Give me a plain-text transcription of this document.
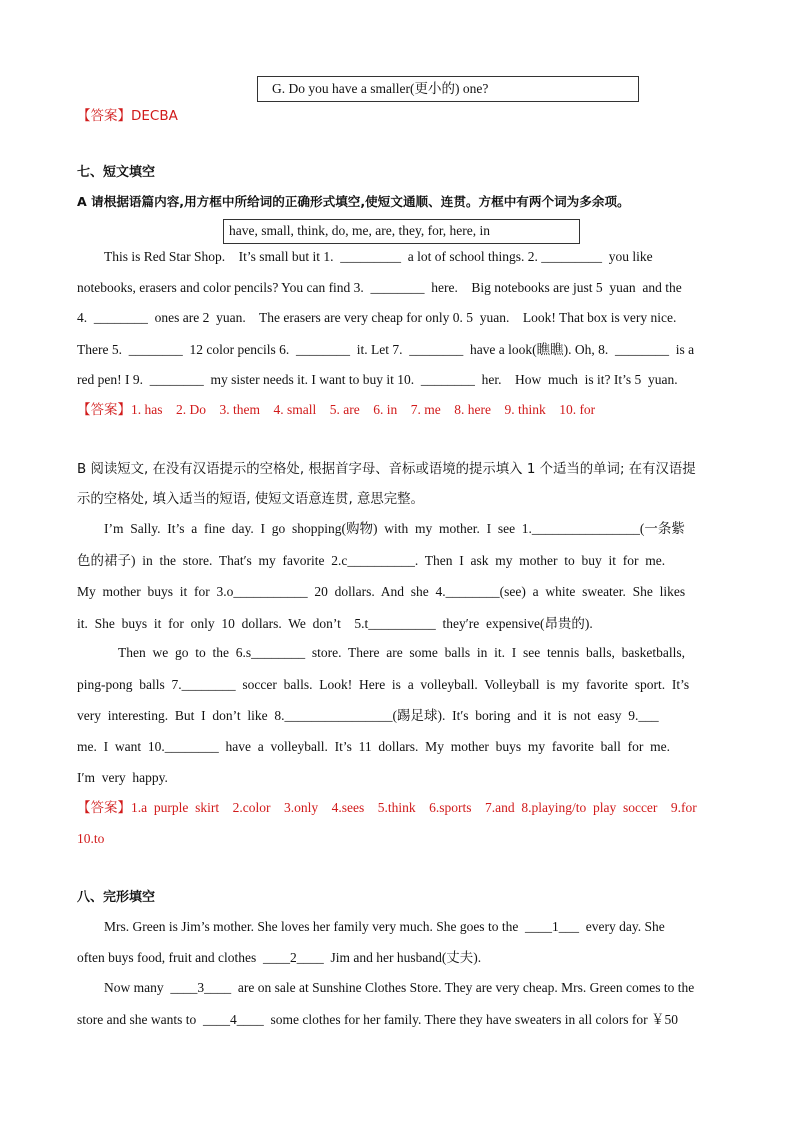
G. Do you have a smaller(更小的) one?
【答案】DECBA
七、短文填空
A 请根据语篇内容,用方框中所给词的正确形式填空,使短文通顺、连贯。方框中有两个词为多余项。
have, small, think, do, me, are, they, for, here, in
This is Red Star Shop.    It’s small but it 1.  _________  a lot of school things. 2. _________  you like
notebooks, erasers and color pencils? You can find 3.  ________  here.    Big notebooks are just 5  yuan  and the
4.  ________  ones are 2  yuan.    The erasers are very cheap for only 0. 5  yuan.    Look! That box is very nice.
There 5.  ________  12 color pencils 6.  ________  it. Let 7.  ________  have a look(瞧瞧). Oh, 8.  ________  is a
red pen! I 9.  ________  my sister needs it. I want to buy it 10.  ________  her.    How  much  is it? It’s 5  yuan.
【答案】1. has    2. Do    3. them    4. small    5. are    6. in    7. me    8. here    9. think    10. for
B 阅读短文, 在没有汉语提示的空格处, 根据首字母、音标或语境的提示填入 1 个适当的单词; 在有汉语提
示的空格处, 填入适当的短语, 使短文语意连贯, 意思完整。
I’m  Sally.  It’s  a  fine  day.  I  go  shopping(购物)  with  my  mother.  I  see  1.________________(一条紫
色的裙子)  in  the  store.  That′s  my  favorite  2.c__________.  Then  I  ask  my  mother  to  buy  it  for  me.
My  mother  buys  it  for  3.o___________  20  dollars.  And  she  4.________(see)  a  white  sweater.  She  likes
it.  She  buys  it  for  only  10  dollars.  We  don’t    5.t__________  they′re  expensive(昂贵的).
Then  we  go  to  the  6.s________  store.  There  are  some  balls  in  it.  I  see  tennis  balls,  basketballs,
ping-pong  balls  7.________  soccer  balls.  Look!  Here  is  a  volleyball.  Volleyball  is  my  favorite  sport.  It’s
very  interesting.  But  I  don’t  like  8.________________(踢足球).  It′s  boring  and  it  is  not  easy  9.___
me.  I  want  10.________  have  a  volleyball.  It’s  11  dollars.  My  mother  buys  my  favorite  ball  for  me.
I′m  very  happy.
【答案】1.a  purple  skirt    2.color    3.only    4.sees    5.think    6.sports    7.and  8.playing/to  play  soccer    9.for
10.to
八、完形填空
Mrs. Green is Jim’s mother. She loves her family very much. She goes to the  ____1___  every day. She
often buys food, fruit and clothes  ____2____  Jim and her husband(丈夫).
Now many  ____3____  are on sale at Sunshine Clothes Store. They are very cheap. Mrs. Green comes to the
store and she wants to  ____4____  some clothes for her family. There they have sweaters in all colors for ￥50
